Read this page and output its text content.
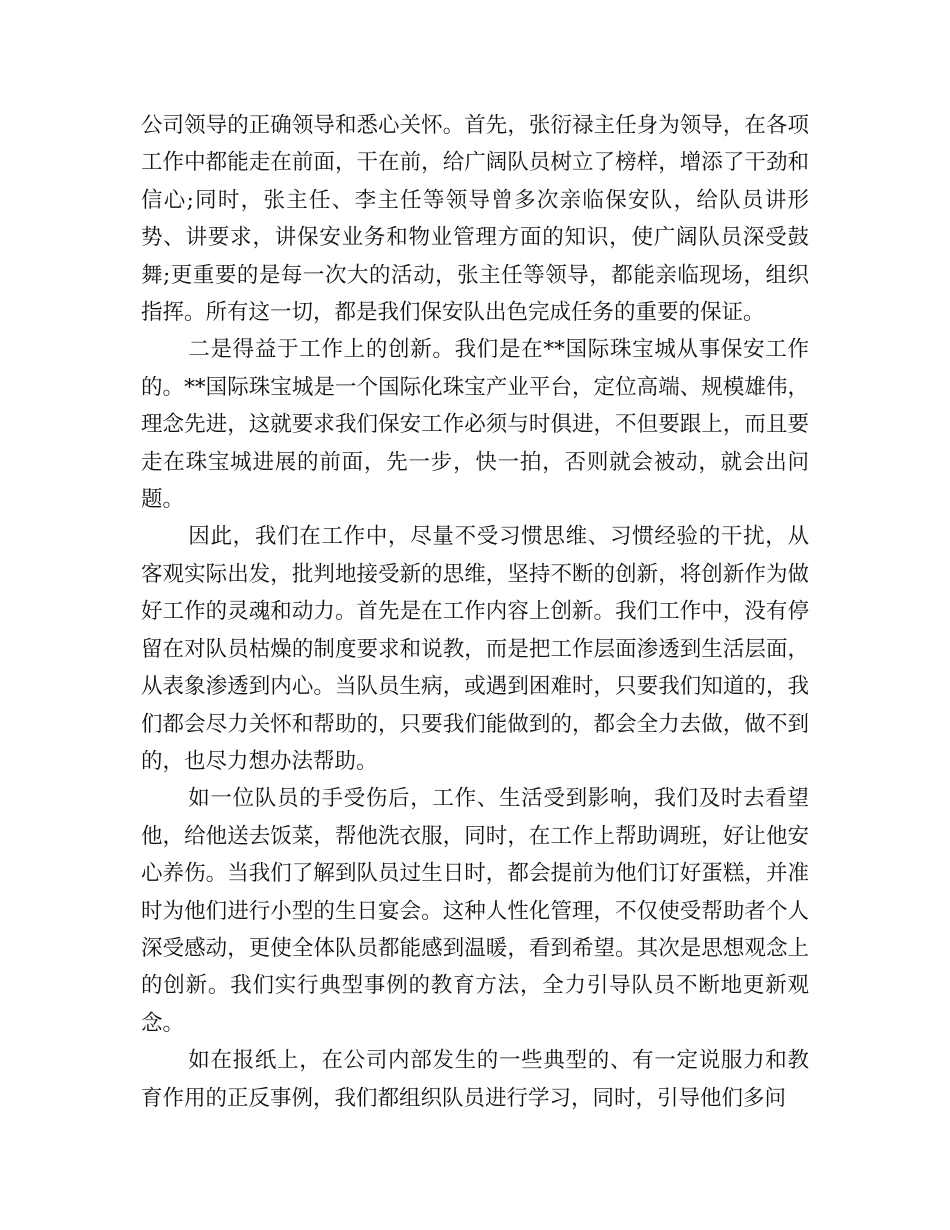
公司领导的正确领导和悉心关怀。首先，张衍禄主任身为领导，在各项工作中都能走在前面，干在前，给广阔队员树立了榜样，增添了干劲和信心;同时，张主任、李主任等领导曾多次亲临保安队，给队员讲形势、讲要求，讲保安业务和物业管理方面的知识，使广阔队员深受鼓舞;更重要的是每一次大的活动，张主任等领导，都能亲临现场，组织指挥。所有这一切，都是我们保安队出色完成任务的重要的保证。

二是得益于工作上的创新。我们是在**国际珠宝城从事保安工作的。**国际珠宝城是一个国际化珠宝产业平台，定位高端、规模雄伟，理念先进，这就要求我们保安工作必须与时俱进，不但要跟上，而且要走在珠宝城进展的前面，先一步，快一拍，否则就会被动，就会出问题。

因此，我们在工作中，尽量不受习惯思维、习惯经验的干扰，从客观实际出发，批判地接受新的思维，坚持不断的创新，将创新作为做好工作的灵魂和动力。首先是在工作内容上创新。我们工作中，没有停留在对队员枯燥的制度要求和说教，而是把工作层面渗透到生活层面，从表象渗透到内心。当队员生病，或遇到困难时，只要我们知道的，我们都会尽力关怀和帮助的，只要我们能做到的，都会全力去做，做不到的，也尽力想办法帮助。

如一位队员的手受伤后，工作、生活受到影响，我们及时去看望他，给他送去饭菜，帮他洗衣服，同时，在工作上帮助调班，好让他安心养伤。当我们了解到队员过生日时，都会提前为他们订好蛋糕，并准时为他们进行小型的生日宴会。这种人性化管理，不仅使受帮助者个人深受感动，更使全体队员都能感到温暖，看到希望。其次是思想观念上的创新。我们实行典型事例的教育方法，全力引导队员不断地更新观念。

如在报纸上，在公司内部发生的一些典型的、有一定说服力和教育作用的正反事例，我们都组织队员进行学习，同时，引导他们多问
